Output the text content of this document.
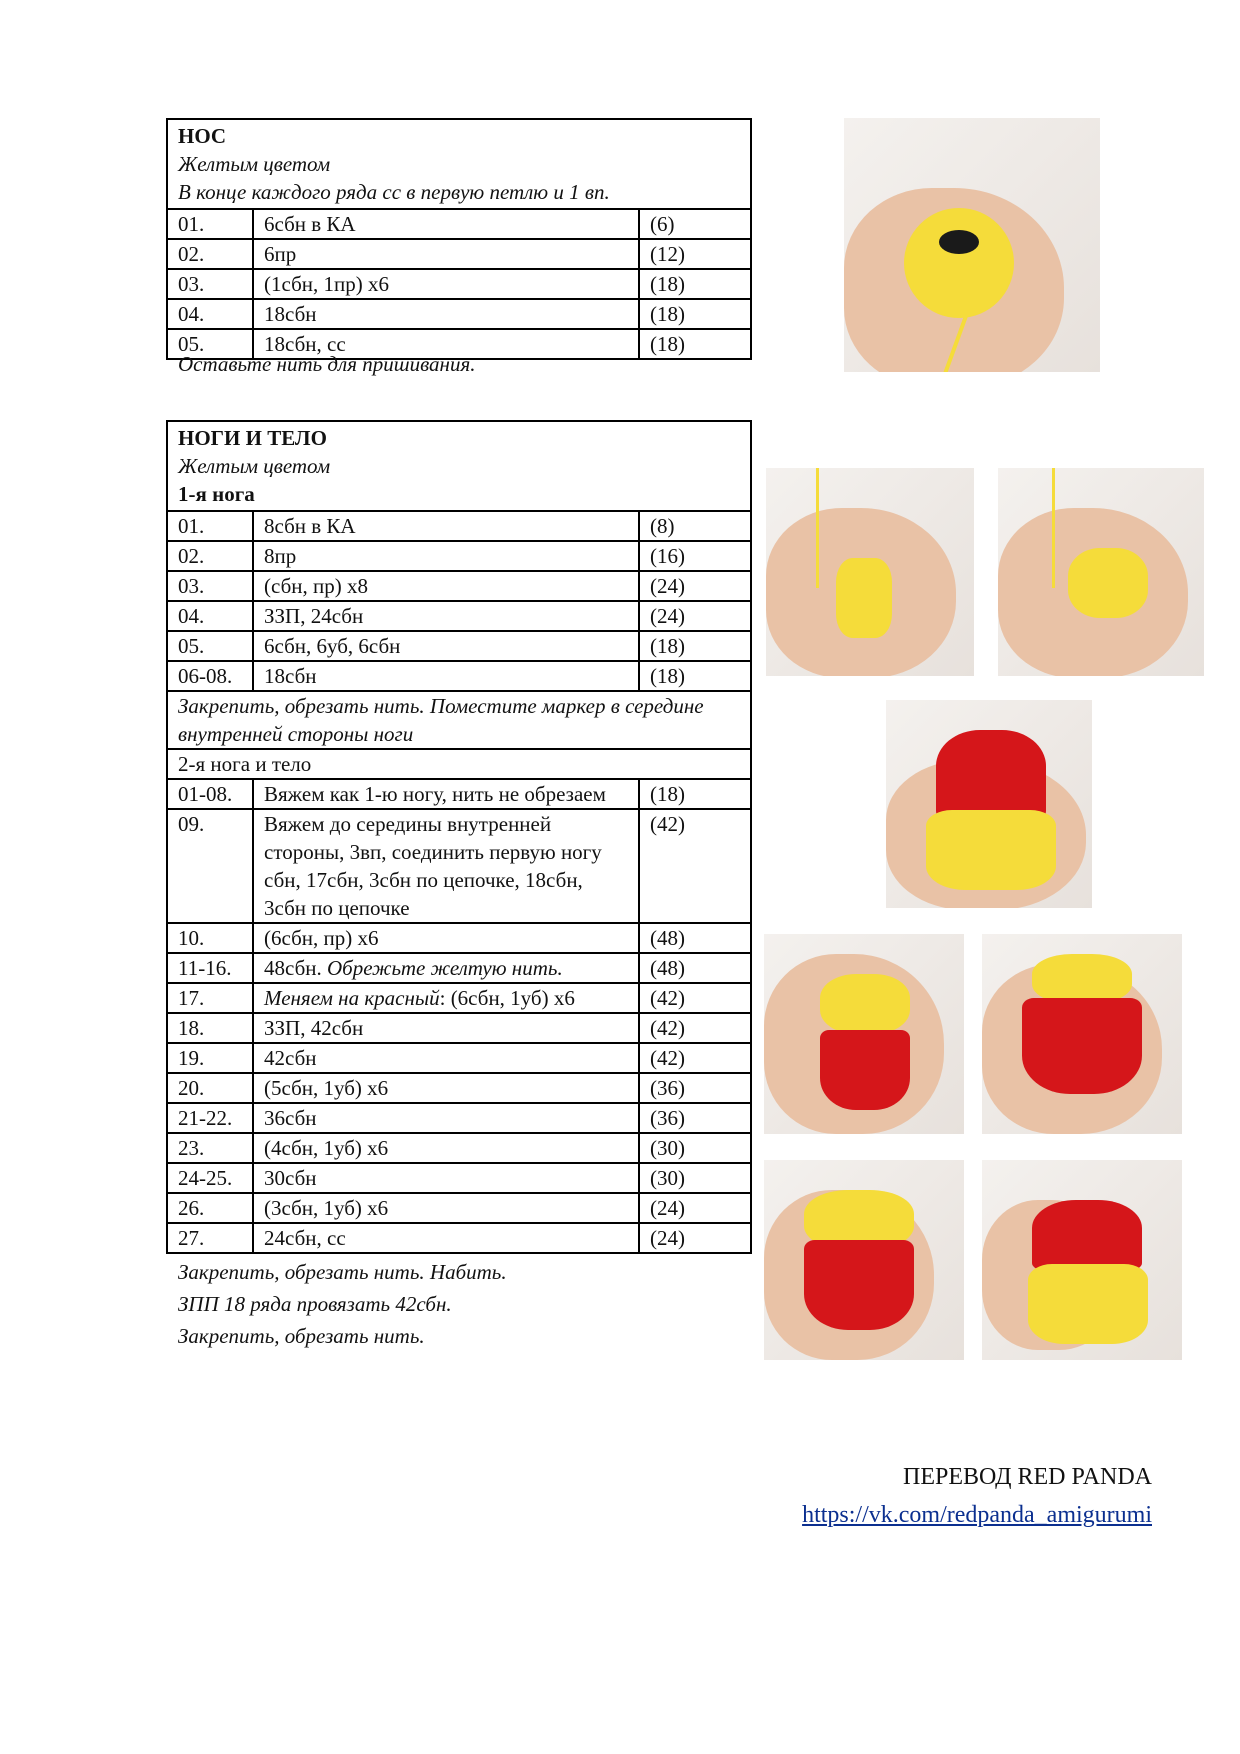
НОС
Желтым цветом
В конце каждого ряда сс в первую петлю и 1 вп.		

01.	6сбн в КА	(6)
02.	6пр	(12)
03.	(1сбн, 1пр) х6	(18)
04.	18сбн	(18)
05.	18сбн, сс	(18)
Оставьте нить для пришивания.
НОГИ И ТЕЛО
Желтым цветом
1-я нога		

01.	8сбн в КА	(8)
02.	8пр	(16)
03.	(сбн, пр) х8	(24)
04.	ЗЗП, 24сбн	(24)
05.	6сбн, 6уб, 6сбн	(18)
06-08.	18сбн	(18)
Закрепить, обрезать нить. Поместите маркер в середине внутренней стороны ноги		
2-я нога и тело		
01-08.	Вяжем как 1-ю ногу, нить не обрезаем	(18)
09.	Вяжем до середины внутренней стороны, 3вп, соединить первую ногу сбн, 17сбн, 3сбн по цепочке, 18сбн, 3сбн по цепочке	(42)
10.	(6сбн, пр) х6	(48)
11-16.	48сбн. Обрежьте желтую нить.	(48)
17.	Меняем на красный: (6сбн, 1уб) х6	(42)
18.	ЗЗП, 42сбн	(42)
19.	42сбн	(42)
20.	(5сбн, 1уб) х6	(36)
21-22.	36сбн	(36)
23.	(4сбн, 1уб) х6	(30)
24-25.	30сбн	(30)
26.	(3сбн, 1уб) х6	(24)
27.	24сбн, сс	(24)
Закрепить, обрезать нить. Набить.
ЗПП 18 ряда провязать 42сбн.
Закрепить, обрезать нить.
ПЕРЕВОД RED PANDA
https://vk.com/redpanda_amigurumi
